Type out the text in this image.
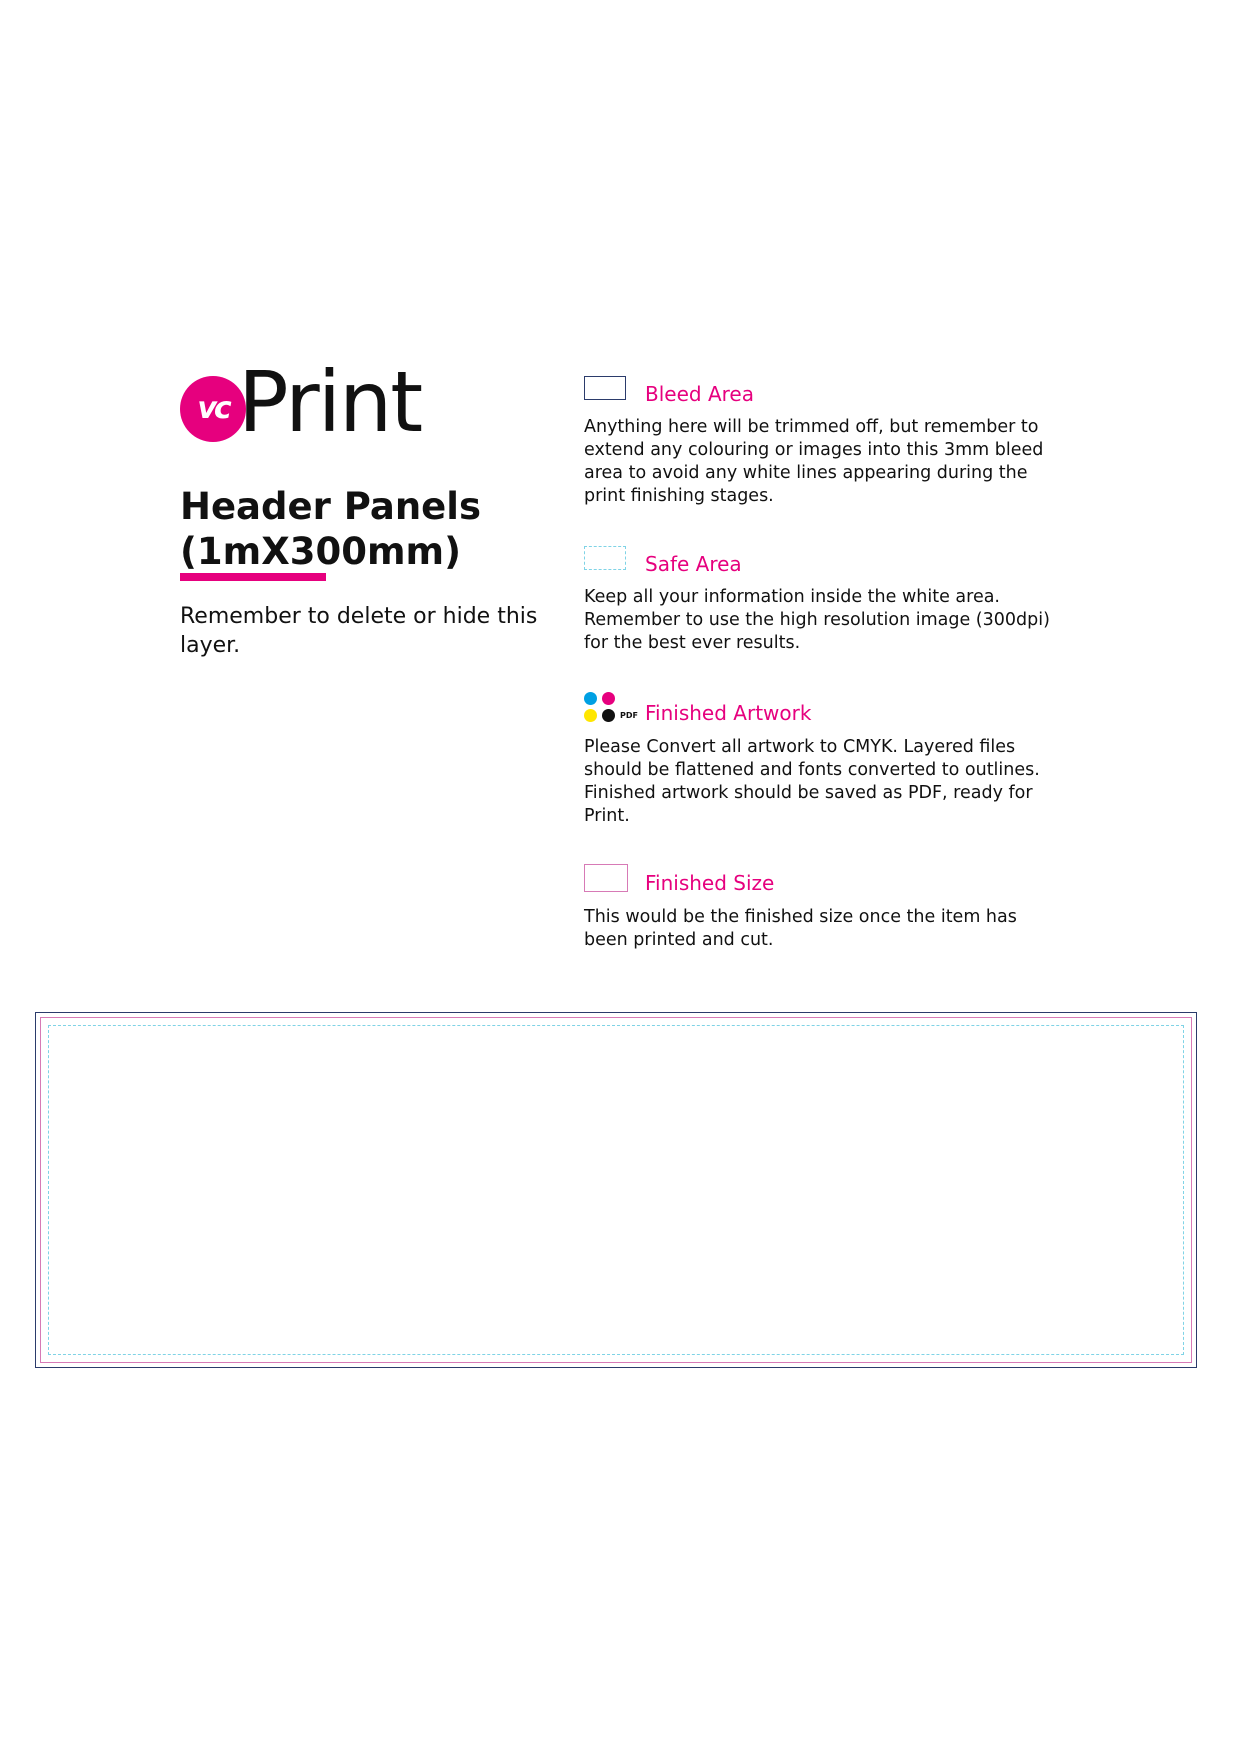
vc Print
Header Panels
(1mX300mm)

Remember to delete or hide this layer.

Bleed Area

Anything here will be trimmed off, but remember to extend any colouring or images into this 3mm bleed area to avoid any white lines appearing during the print finishing stages.

Safe Area

Keep all your information inside the white area. Remember to use the high resolution image (300dpi) for the best ever results.

PDF Finished Artwork

Please Convert all artwork to CMYK. Layered files should be flattened and fonts converted to outlines. Finished artwork should be saved as PDF, ready for Print.

Finished Size

This would be the finished size once the item has been printed and cut.
